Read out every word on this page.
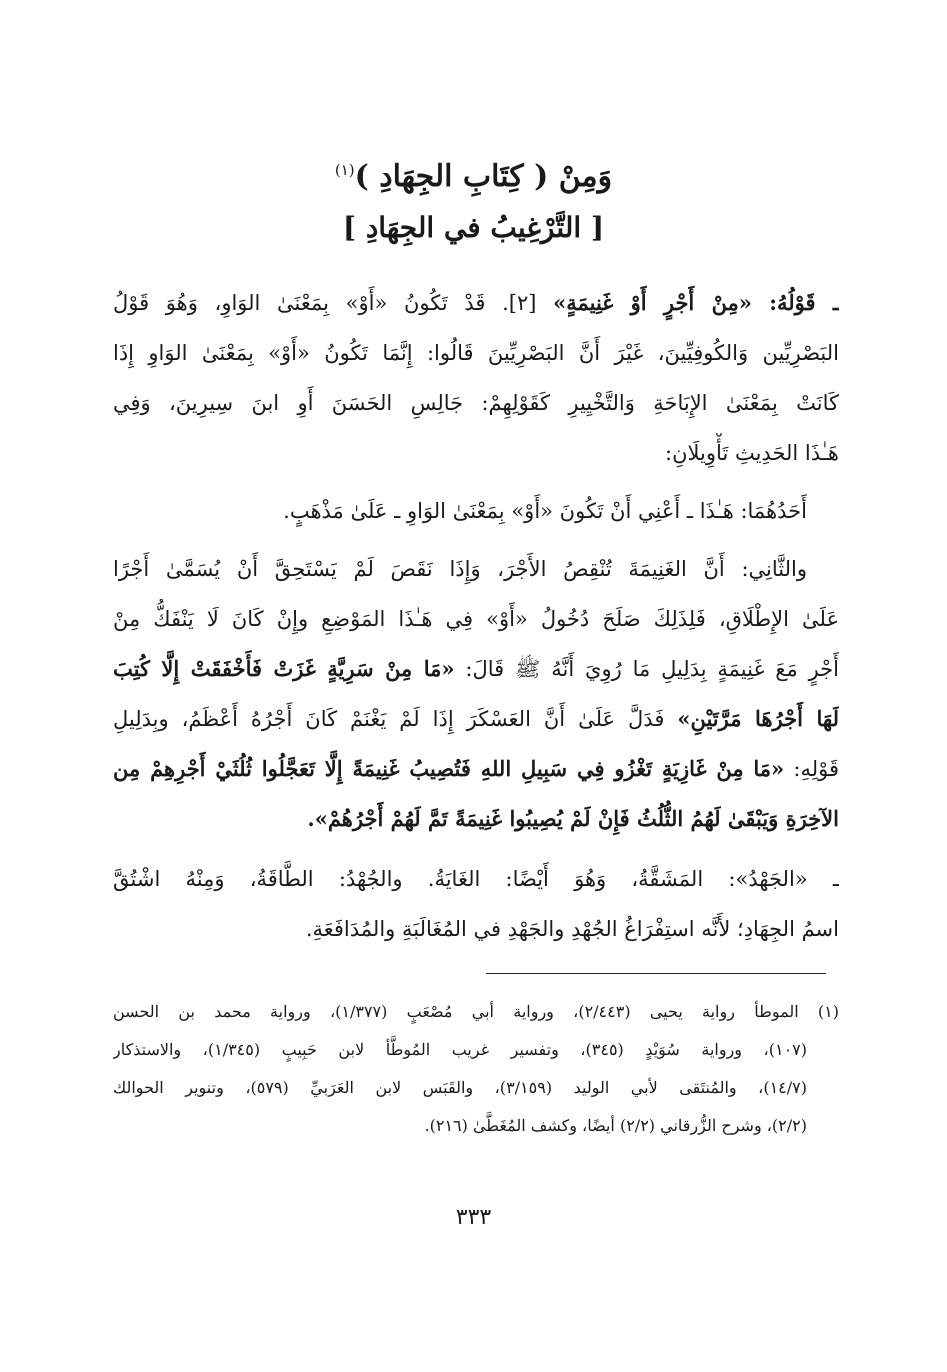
وَمِنْ ( كِتَابِ الجِهَادِ )$^{(١)}$
[ التَّرْغِيبُ في الجِهَادِ ]
ـ قَوْلُهُ: «مِنْ أَجْرٍ أَوْ غَنِيمَةٍ» [٢]. قَدْ تَكُونُ «أَوْ» بِمَعْنَىٰ الوَاوِ، وَهُوَ قَوْلُ
البَصْرِيِّين وَالكُوفِيِّينَ، غَيْرَ أَنَّ البَصْرِيِّينَ قَالُوا: إِنَّمَا تَكُونُ «أَوْ» بِمَعْنَىٰ الوَاوِ إِذَا
كَانَتْ بِمَعْنَىٰ الإِبَاحَةِ وَالتَّخْيِيرِ كَقَوْلِهِمْ: جَالِسِ الحَسَنَ أَوِ ابنَ سِيرِينَ، وَفِي
هَـٰذَا الحَدِيثِ تَأْوِيلَانِ:
أَحَدُهُمَا: هَـٰذَا ـ أَعْنِي أَنْ تَكُونَ «أَوْ» بِمَعْنَىٰ الوَاوِ ـ عَلَىٰ مَذْهَبٍ.
والثَّانِي: أَنَّ الغَنِيمَةَ تُنْقِصُ الأَجْرَ، وَإِذَا نَقَصَ لَمْ يَسْتَحِقَّ أَنْ يُسَمَّىٰ أَجْرًا
عَلَىٰ الإِطْلَاقِ، فَلِذَلِكَ صَلَحَ دُخُولُ «أَوْ» فِي هَـٰذَا المَوْضِعِ وإِنْ كَانَ لَا يَنْفَكُّ مِنْ
أَجْرٍ مَعَ غَنِيمَةٍ بِدَلِيلِ مَا رُوِيَ أَنَّهُ ﷺ قَالَ: «مَا مِنْ سَرِيَّةٍ غَزَتْ فَأَخْفَقَتْ إِلَّا كُتِبَ
لَهَا أَجْرُهَا مَرَّتَيْنِ» فَدَلَّ عَلَىٰ أَنَّ العَسْكَرَ إِذَا لَمْ يَغْنَمْ كَانَ أَجْرُهُ أَعْظَمُ، وبِدَلِيلِ
قَوْلِهِ: «مَا مِنْ غَازِيَةٍ تَغْزُو فِي سَبِيلِ اللهِ فَتُصِيبُ غَنِيمَةً إِلَّا تَعَجَّلُوا ثُلُثَيْ أَجْرِهِمْ مِن
الآخِرَةِ وَيَبْقَىٰ لَهُمُ الثُّلُثُ فَإِنْ لَمْ يُصِيبُوا غَنِيمَةً تَمَّ لَهُمْ أَجْرُهُمْ».
ـ «الجَهْدُ»: المَشَقَّةُ، وَهُوَ أَيْضًا: الغَايَةُ. والجُهْدُ: الطَّاقَةُ، وَمِنْهُ اشْتُقَّ
اسمُ الجِهَادِ؛ لأَنَّه استِفْرَاغُ الجُهْدِ والجَهْدِ في المُغَالَبَةِ والمُدَافَعَةِ.
(١) الموطأ رواية يحيى (٢/٤٤٣)، ورواية أبي مُصْعَبٍ (١/٣٧٧)، ورواية محمد بن الحسن
(١٠٧)، ورواية سُوَيْدٍ (٣٤٥)، وتفسير غريب المُوطَّأ لابن حَبِيبٍ (١/٣٤٥)، والاستذكار
(١٤/٧)، والمُنتَقى لأبي الوليد (٣/١٥٩)، والقَبَس لابن العَرَبيِّ (٥٧٩)، وتنوير الحوالك
(٢/٢)، وشرح الزُّرقاني (٢/٢) أيضًا، وكشف المُغَطَّىٰ (٢١٦).
٣٣٣
